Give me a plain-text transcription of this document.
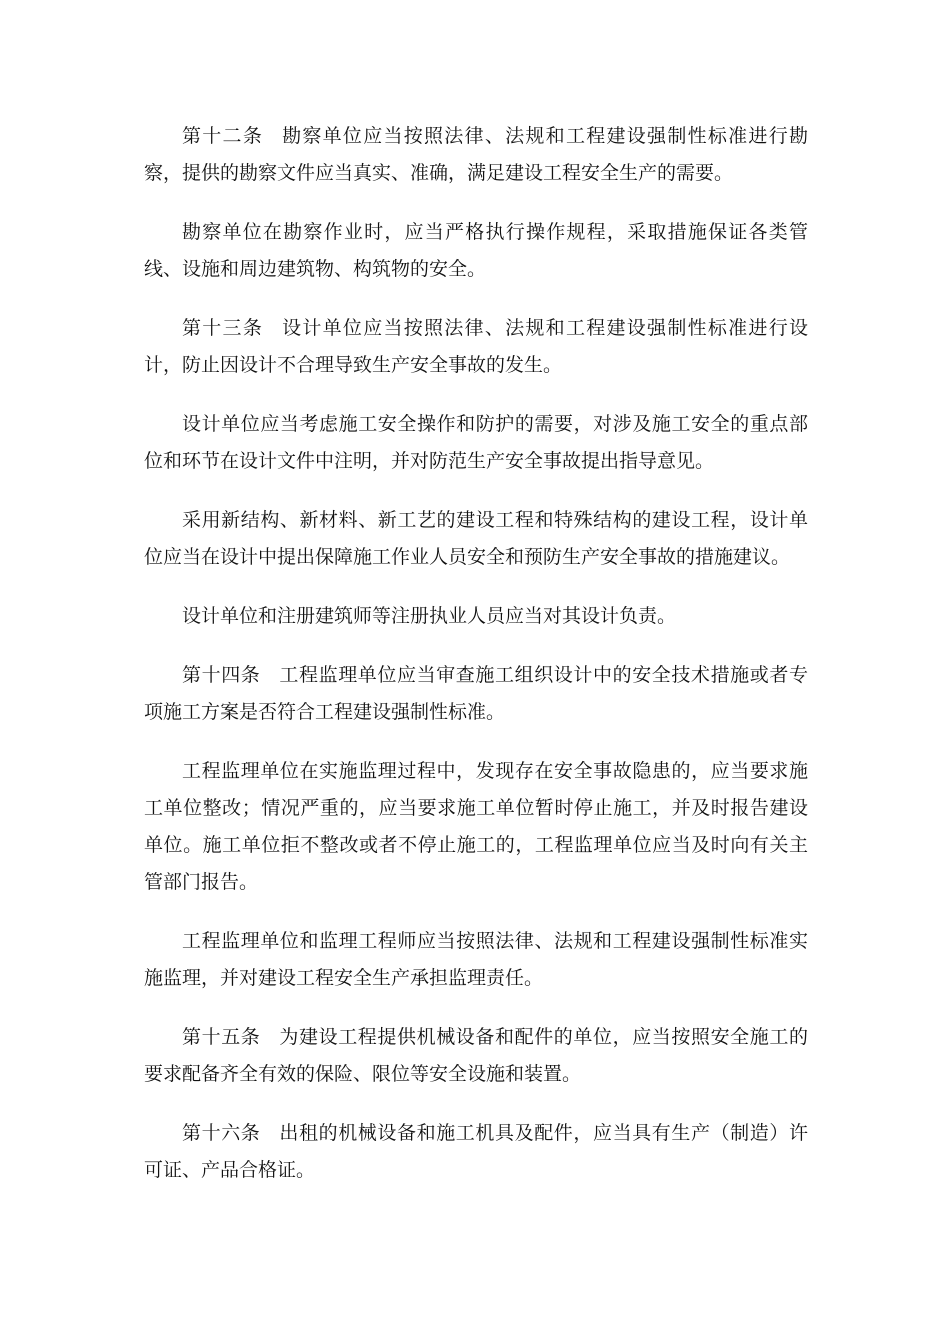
第十二条 勘察单位应当按照法律、法规和工程建设强制性标准进行勘察，提供的勘察文件应当真实、准确，满足建设工程安全生产的需要。

勘察单位在勘察作业时，应当严格执行操作规程，采取措施保证各类管线、设施和周边建筑物、构筑物的安全。

第十三条 设计单位应当按照法律、法规和工程建设强制性标准进行设计，防止因设计不合理导致生产安全事故的发生。

设计单位应当考虑施工安全操作和防护的需要，对涉及施工安全的重点部位和环节在设计文件中注明，并对防范生产安全事故提出指导意见。

采用新结构、新材料、新工艺的建设工程和特殊结构的建设工程，设计单位应当在设计中提出保障施工作业人员安全和预防生产安全事故的措施建议。

设计单位和注册建筑师等注册执业人员应当对其设计负责。

第十四条 工程监理单位应当审查施工组织设计中的安全技术措施或者专项施工方案是否符合工程建设强制性标准。

工程监理单位在实施监理过程中，发现存在安全事故隐患的，应当要求施工单位整改；情况严重的，应当要求施工单位暂时停止施工，并及时报告建设单位。施工单位拒不整改或者不停止施工的，工程监理单位应当及时向有关主管部门报告。

工程监理单位和监理工程师应当按照法律、法规和工程建设强制性标准实施监理，并对建设工程安全生产承担监理责任。

第十五条 为建设工程提供机械设备和配件的单位，应当按照安全施工的要求配备齐全有效的保险、限位等安全设施和装置。

第十六条 出租的机械设备和施工机具及配件，应当具有生产（制造）许可证、产品合格证。
